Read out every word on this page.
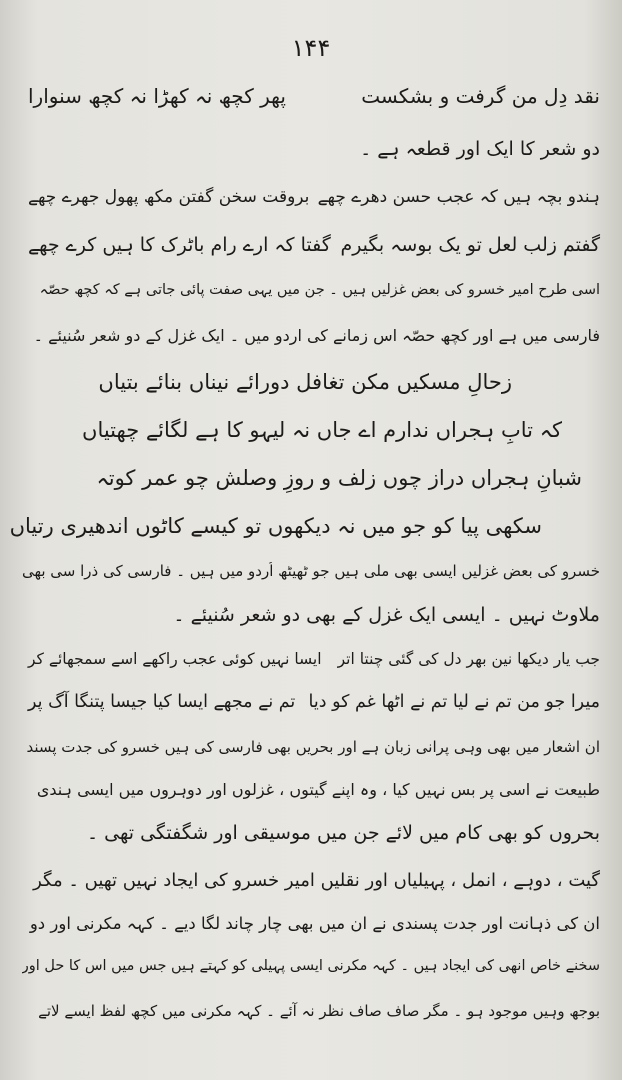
۱۴۴
نقد دِل من گرفت و بشکست
پھر کچھ نہ کھڑا نہ کچھ سنوارا
دو شعر کا ایک اور قطعہ ہے ۔
ہندو بچہ ہیں کہ عجب حسن دھرے چھے
بروقت سخن گفتن مکھ پھول جھرے چھے
گفتم زلب لعل تو یک بوسہ بگیرم
گفتا کہ ارے رام باٹرک کا ہیں کرے چھے
اسی طرح امیر خسرو کی بعض غزلیں ہیں ۔ جن میں یہی صفت پائی جاتی ہے کہ کچھ حصّہ
فارسی میں ہے اور کچھ حصّہ اس زمانے کی اردو میں ۔ ایک غزل کے دو شعر سُنیئے ۔
زحالِ مسکیں مکن تغافل دورائے نیناں بنائے بتیاں
کہ تابِ ہجراں ندارم اے جاں نہ لیہو کا ہے لگائے چھتیاں
شبانِ ہجراں دراز چوں زلف و روزِ وصلش چو عمر کوتہ
سکھی پیا کو جو میں نہ دیکھوں تو کیسے کاٹوں اندھیری رتیاں
خسرو کی بعض غزلیں ایسی بھی ملی ہیں جو ٹھیٹھ اُردو میں ہیں ۔ فارسی کی ذرا سی بھی
ملاوٹ نہیں ۔ ایسی ایک غزل کے بھی دو شعر سُنیئے ۔
جب یار دیکھا نین بھر دل کی گئی چنتا اتر
ایسا نہیں کوئی عجب راکھے اسے سمجھائے کر
میرا جو من تم نے لیا تم نے اٹھا غم کو دیا
تم نے مجھے ایسا کیا جیسا پتنگا آگ پر
ان اشعار میں بھی وہی پرانی زبان ہے اور بحریں بھی فارسی کی ہیں خسرو کی جدت پسند
طبیعت نے اسی پر بس نہیں کیا ، وہ اپنے گیتوں ، غزلوں اور دوہروں میں ایسی ہندی
بحروں کو بھی کام میں لائے جن میں موسیقی اور شگفتگی تھی ۔
گیت ، دوہے ، انمل ، پہیلیاں اور نقلیں امیر خسرو کی ایجاد نہیں تھیں ۔ مگر
ان کی ذہانت اور جدت پسندی نے ان میں بھی چار چاند لگا دیے ۔ کہہ مکرنی اور دو
سخنے خاص انھی کی ایجاد ہیں ۔ کہہ مکرنی ایسی پہیلی کو کہتے ہیں جس میں اس کا حل اور
بوجھ وہیں موجود ہو ۔ مگر صاف صاف نظر نہ آئے ۔ کہہ مکرنی میں کچھ لفظ ایسے لاتے
